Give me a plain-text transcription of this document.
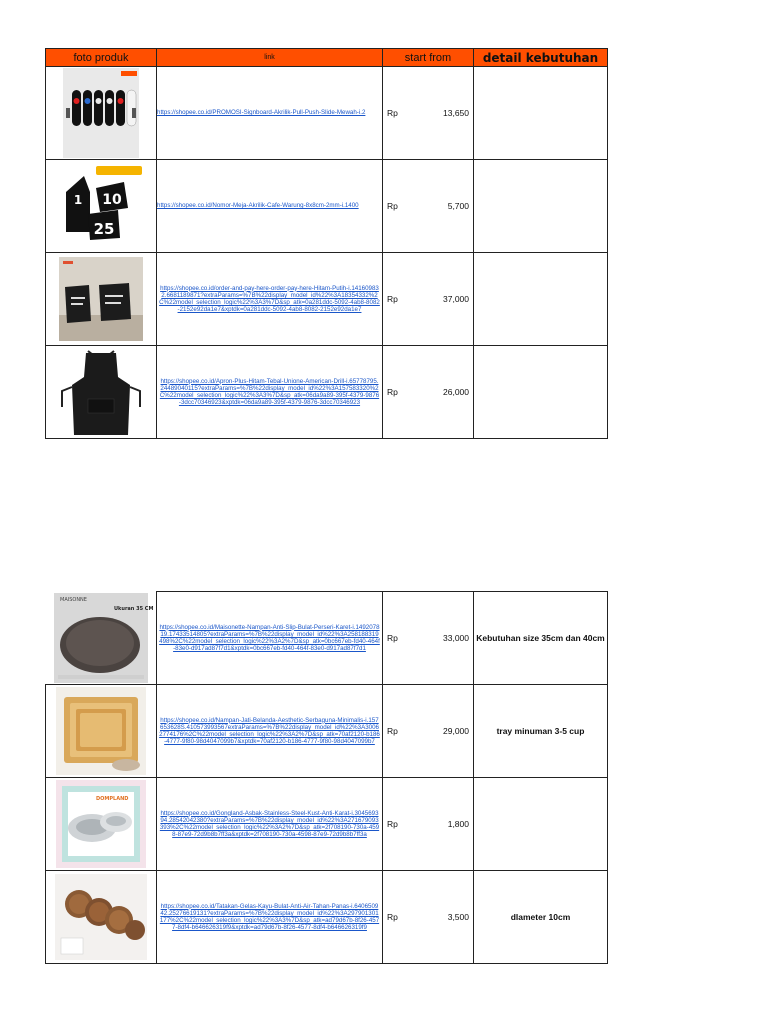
foto produk	link	start from	detail kebutuhan

	https://shopee.co.id/PROMOSI-Signboard-Akrilik-Pull-Push-Slide-Mewah-i.2	Rp 13,650	

1 10
25	https://shopee.co.id/Nomor-Meja-Akrilik-Cafe-Warung-8x8cm-2mm-i.1400	Rp 5,700	

	https://shopee.co.id/order-and-pay-here-order-pay-here-Hitam-Putih-i.141609832.6681189871?extraParams=%7B%22display_model_id%22%3A18354332%2C%22model_selection_logic%22%3A3%7D&sp_atk=0a281ddc-5092-4ab8-8082-2152e92da1e7&xptdk=0a281ddc-5092-4ab8-8082-2152e92da1e7	Rp 37,000	

	https://shopee.co.id/Apron-Plus-Hitam-Tebal-Unione-American-Drill-i.65778795.24489040115?extraParams=%7B%22display_model_id%22%3A157583320%2C%22model_selection_logic%22%3A3%7D&sp_atk=06da9a89-395f-4379-9876-3dcc70346923&xptdk=06da9a89-395f-4379-9876-3dcc70346923	Rp 26,000	

MAISONNE
Ukuran 35 CM	https://shopee.co.id/Maisonette-Nampan-Anti-Slip-Bulat-Perseri-Karet-i.149207819.17433514805?extraParams=%7B%22display_model_id%22%3A258188319498%2C%22model_selection_logic%22%3A2%7D&sp_atk=0bc667eb-fd40-464f-83e0-d917ad87f7d1&xptdk=0bc667eb-fd40-464f-83e0-d917ad87f7d1	Rp 33,000	Kebutuhan size 35cm dan 40cm

	https://shopee.co.id/Nampan-Jati-Belanda-Aesthetic-Serbaguna-Minimalis-i.157653628S.410573993567extraParams=%7B%22display_model_id%22%3A30062774176%2C%22model_selection_logic%22%3A2%7D&sp_atk=70af2120-b186-4777-9f80-98d4047099b7&xptdk=70af2120-b186-4777-9f80-98d4047099b7	Rp 29,000	tray minuman 3-5 cup

DOMPLAND	https://shopee.co.id/Gongland-Asbak-Stainless-Steel-Kust-Anti-Karat-i.304569394.28542042380?extraParams=%7B%22display_model_id%22%3A271679093393%2C%22model_selection_logic%22%3A2%7D&sp_atk=2f708190-730a-4598-87e9-72d9b8b7ff3a&xptdk=2f708190-730a-4598-87e9-72d9b8b7ff3a	Rp 1,800	

	https://shopee.co.id/Tatakan-Gelas-Kayu-Bulat-Anti-Air-Tahan-Panas-i.640650942.25276619131?extraParams=%7B%22display_model_id%22%3A297901301177%2C%22model_selection_logic%22%3A3%7D&sp_atk=ad79d67b-8f26-4577-8df4-b646626319f9&xptdk=ad79d67b-8f26-4577-8df4-b646626319f9	Rp 3,500	dlameter 10cm
